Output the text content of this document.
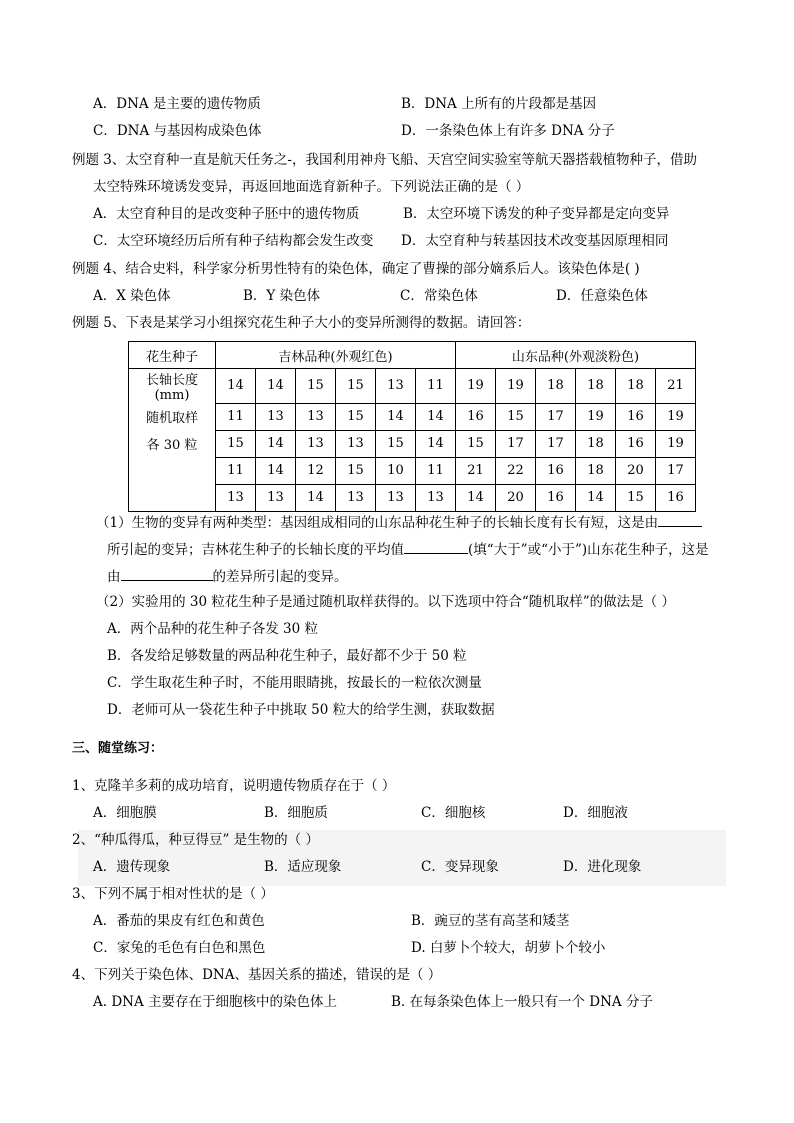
A．DNA 是主要的遗传物质	B．DNA 上所有的片段都是基因
C．DNA 与基因构成染色体	D．一条染色体上有许多 DNA 分子
例题 3、太空育种一直是航天任务之-，我国利用神舟飞船、天宫空间实验室等航天器搭载植物种子，借助
太空特殊环境诱发变异，再返回地面选育新种子。下列说法正确的是（ ）
A．太空育种目的是改变种子胚中的遗传物质	B．太空环境下诱发的种子变异都是定向变异
C．太空环境经历后所有种子结构都会发生改变 D．太空育种与转基因技术改变基因原理相同
例题 4、结合史料，科学家分析男性特有的染色体，确定了曹操的部分嫡系后人。该染色体是( )
A．X 染色体	B．Y 染色体	C．常染色体	D．任意染色体
例题 5、下表是某学习小组探究花生种子大小的变异所测得的数据。请回答：
花生种子	吉林品种(外观红色)						山东品种(外观淡粉色)					
长轴长度(mm)	14	14	15	15	13	11	19	19	18	18	18	21
随机取样	11	13	13	15	14	14	16	15	17	19	16	19
各 30 粒	15	14	13	13	15	14	15	17	17	18	16	19
	11	14	12	15	10	11	21	22	16	18	20	17
	13	13	14	13	13	13	14	20	16	14	15	16
（1）生物的变异有两种类型：基因组成相同的山东品种花生种子的长轴长度有长有短，这是由
所引起的变异；吉林花生种子的长轴长度的平均值	(填“大于”或“小于”)山东花生种子，这是
由	的差异所引起的变异。
（2）实验用的 30 粒花生种子是通过随机取样获得的。以下选项中符合“随机取样”的做法是（ ）
A．两个品种的花生种子各发 30 粒
B．各发给足够数量的两品种花生种子，最好都不少于 50 粒
C．学生取花生种子时，不能用眼睛挑，按最长的一粒依次测量
D．老师可从一袋花生种子中挑取 50 粒大的给学生测，获取数据
三、随堂练习：
1、克隆羊多莉的成功培育，说明遗传物质存在于（ ）
A．细胞膜	B．细胞质	C．细胞核	D．细胞液
2、“种瓜得瓜，种豆得豆” 是生物的（ ）
A．遗传现象	B．适应现象	C．变异现象	D．进化现象
3、下列不属于相对性状的是（ ）
A．番茄的果皮有红色和黄色	B．豌豆的茎有高茎和矮茎
C．家兔的毛色有白色和黑色	D. 白萝卜个较大，胡萝卜个较小
4、下列关于染色体、DNA、基因关系的描述，错误的是（ ）
A. DNA 主要存在于细胞核中的染色体上	B. 在每条染色体上一般只有一个 DNA 分子
